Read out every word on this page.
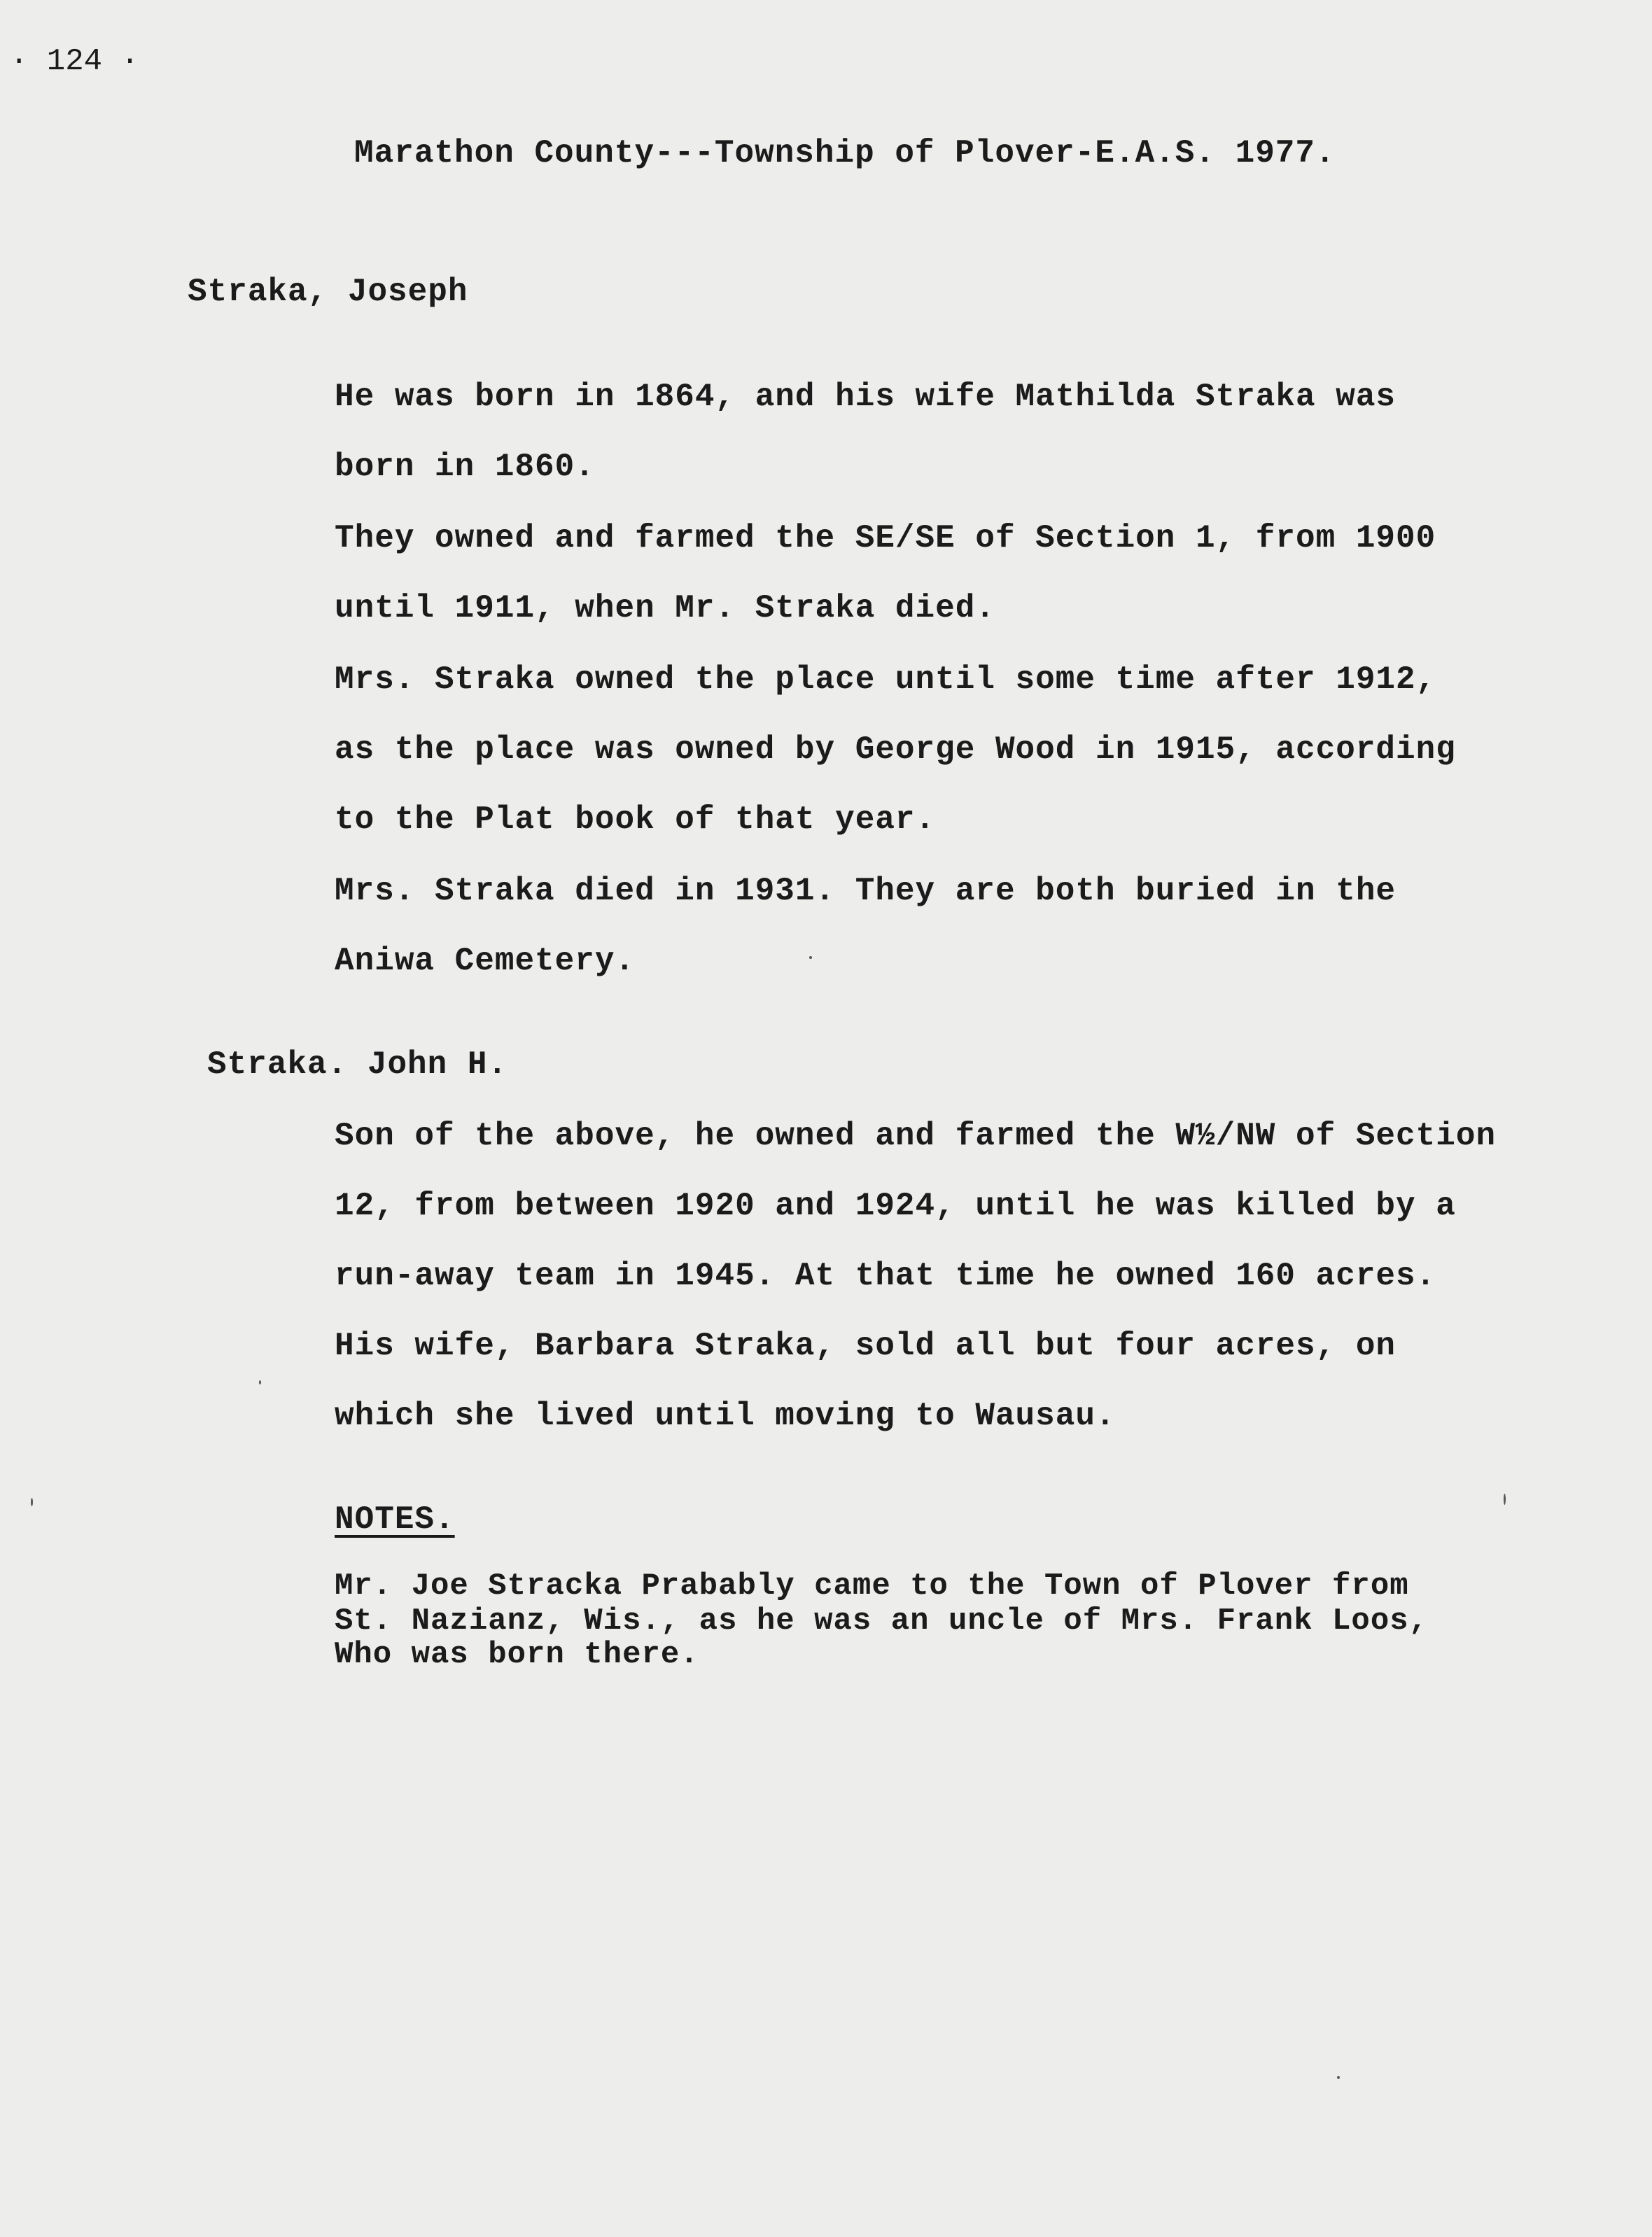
· 124 ·
Marathon County---Township of Plover-E.A.S. 1977.
Straka, Joseph
He was born in 1864, and his wife Mathilda Straka was
born in 1860.
They owned and farmed the SE/SE of Section 1, from 1900
until 1911, when Mr. Straka died.
Mrs. Straka owned the place until some time after 1912,
as the place was owned by George Wood in 1915, according
to the Plat book of that year.
Mrs. Straka died in 1931. They are both buried in the
Aniwa Cemetery.
Straka. John H.
Son of the above, he owned and farmed the W½/NW of Section
12, from between 1920 and 1924, until he was killed by a
run-away team in 1945. At that time he owned 160 acres.
His wife, Barbara Straka, sold all but four acres, on
which she lived until moving to Wausau.
NOTES.
Mr. Joe Stracka Prabably came to the Town of Plover from
St. Nazianz, Wis., as he was an uncle of Mrs. Frank Loos,
Who was born there.
